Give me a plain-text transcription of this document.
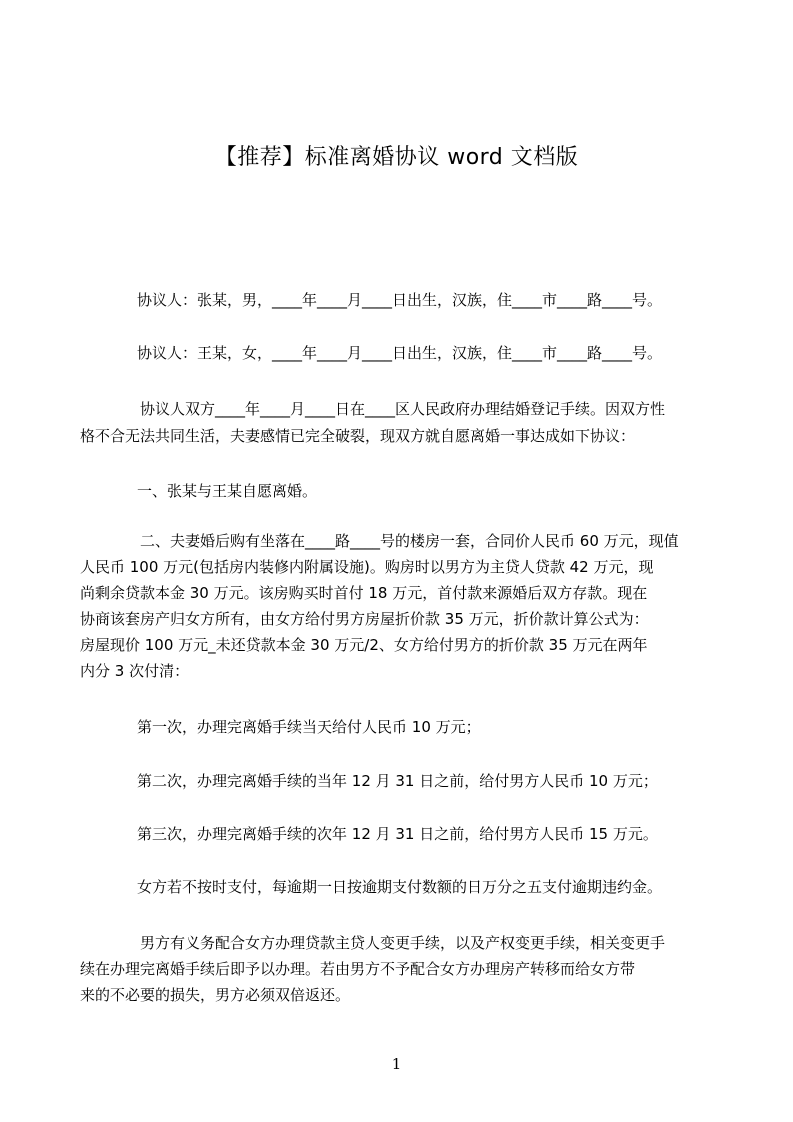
【推荐】标准离婚协议 word 文档版
协议人：张某，男，____年____月____日出生，汉族，住____市____路____号。
协议人：王某，女，____年____月____日出生，汉族，住____市____路____号。
协议人双方____年____月____日在____区人民政府办理结婚登记手续。因双方性
格不合无法共同生活，夫妻感情已完全破裂，现双方就自愿离婚一事达成如下协议：
一、张某与王某自愿离婚。
二、夫妻婚后购有坐落在____路____号的楼房一套，合同价人民币 60 万元，现值
人民币 100 万元(包括房内装修内附属设施)。购房时以男方为主贷人贷款 42 万元，现
尚剩余贷款本金 30 万元。该房购买时首付 18 万元，首付款来源婚后双方存款。现在
协商该套房产归女方所有，由女方给付男方房屋折价款 35 万元，折价款计算公式为：
房屋现价 100 万元_未还贷款本金 30 万元/2、女方给付男方的折价款 35 万元在两年
内分 3 次付清：
第一次，办理完离婚手续当天给付人民币 10 万元；
第二次，办理完离婚手续的当年 12 月 31 日之前，给付男方人民币 10 万元；
第三次，办理完离婚手续的次年 12 月 31 日之前，给付男方人民币 15 万元。
女方若不按时支付，每逾期一日按逾期支付数额的日万分之五支付逾期违约金。
男方有义务配合女方办理贷款主贷人变更手续，以及产权变更手续，相关变更手
续在办理完离婚手续后即予以办理。若由男方不予配合女方办理房产转移而给女方带
来的不必要的损失，男方必须双倍返还。
1
